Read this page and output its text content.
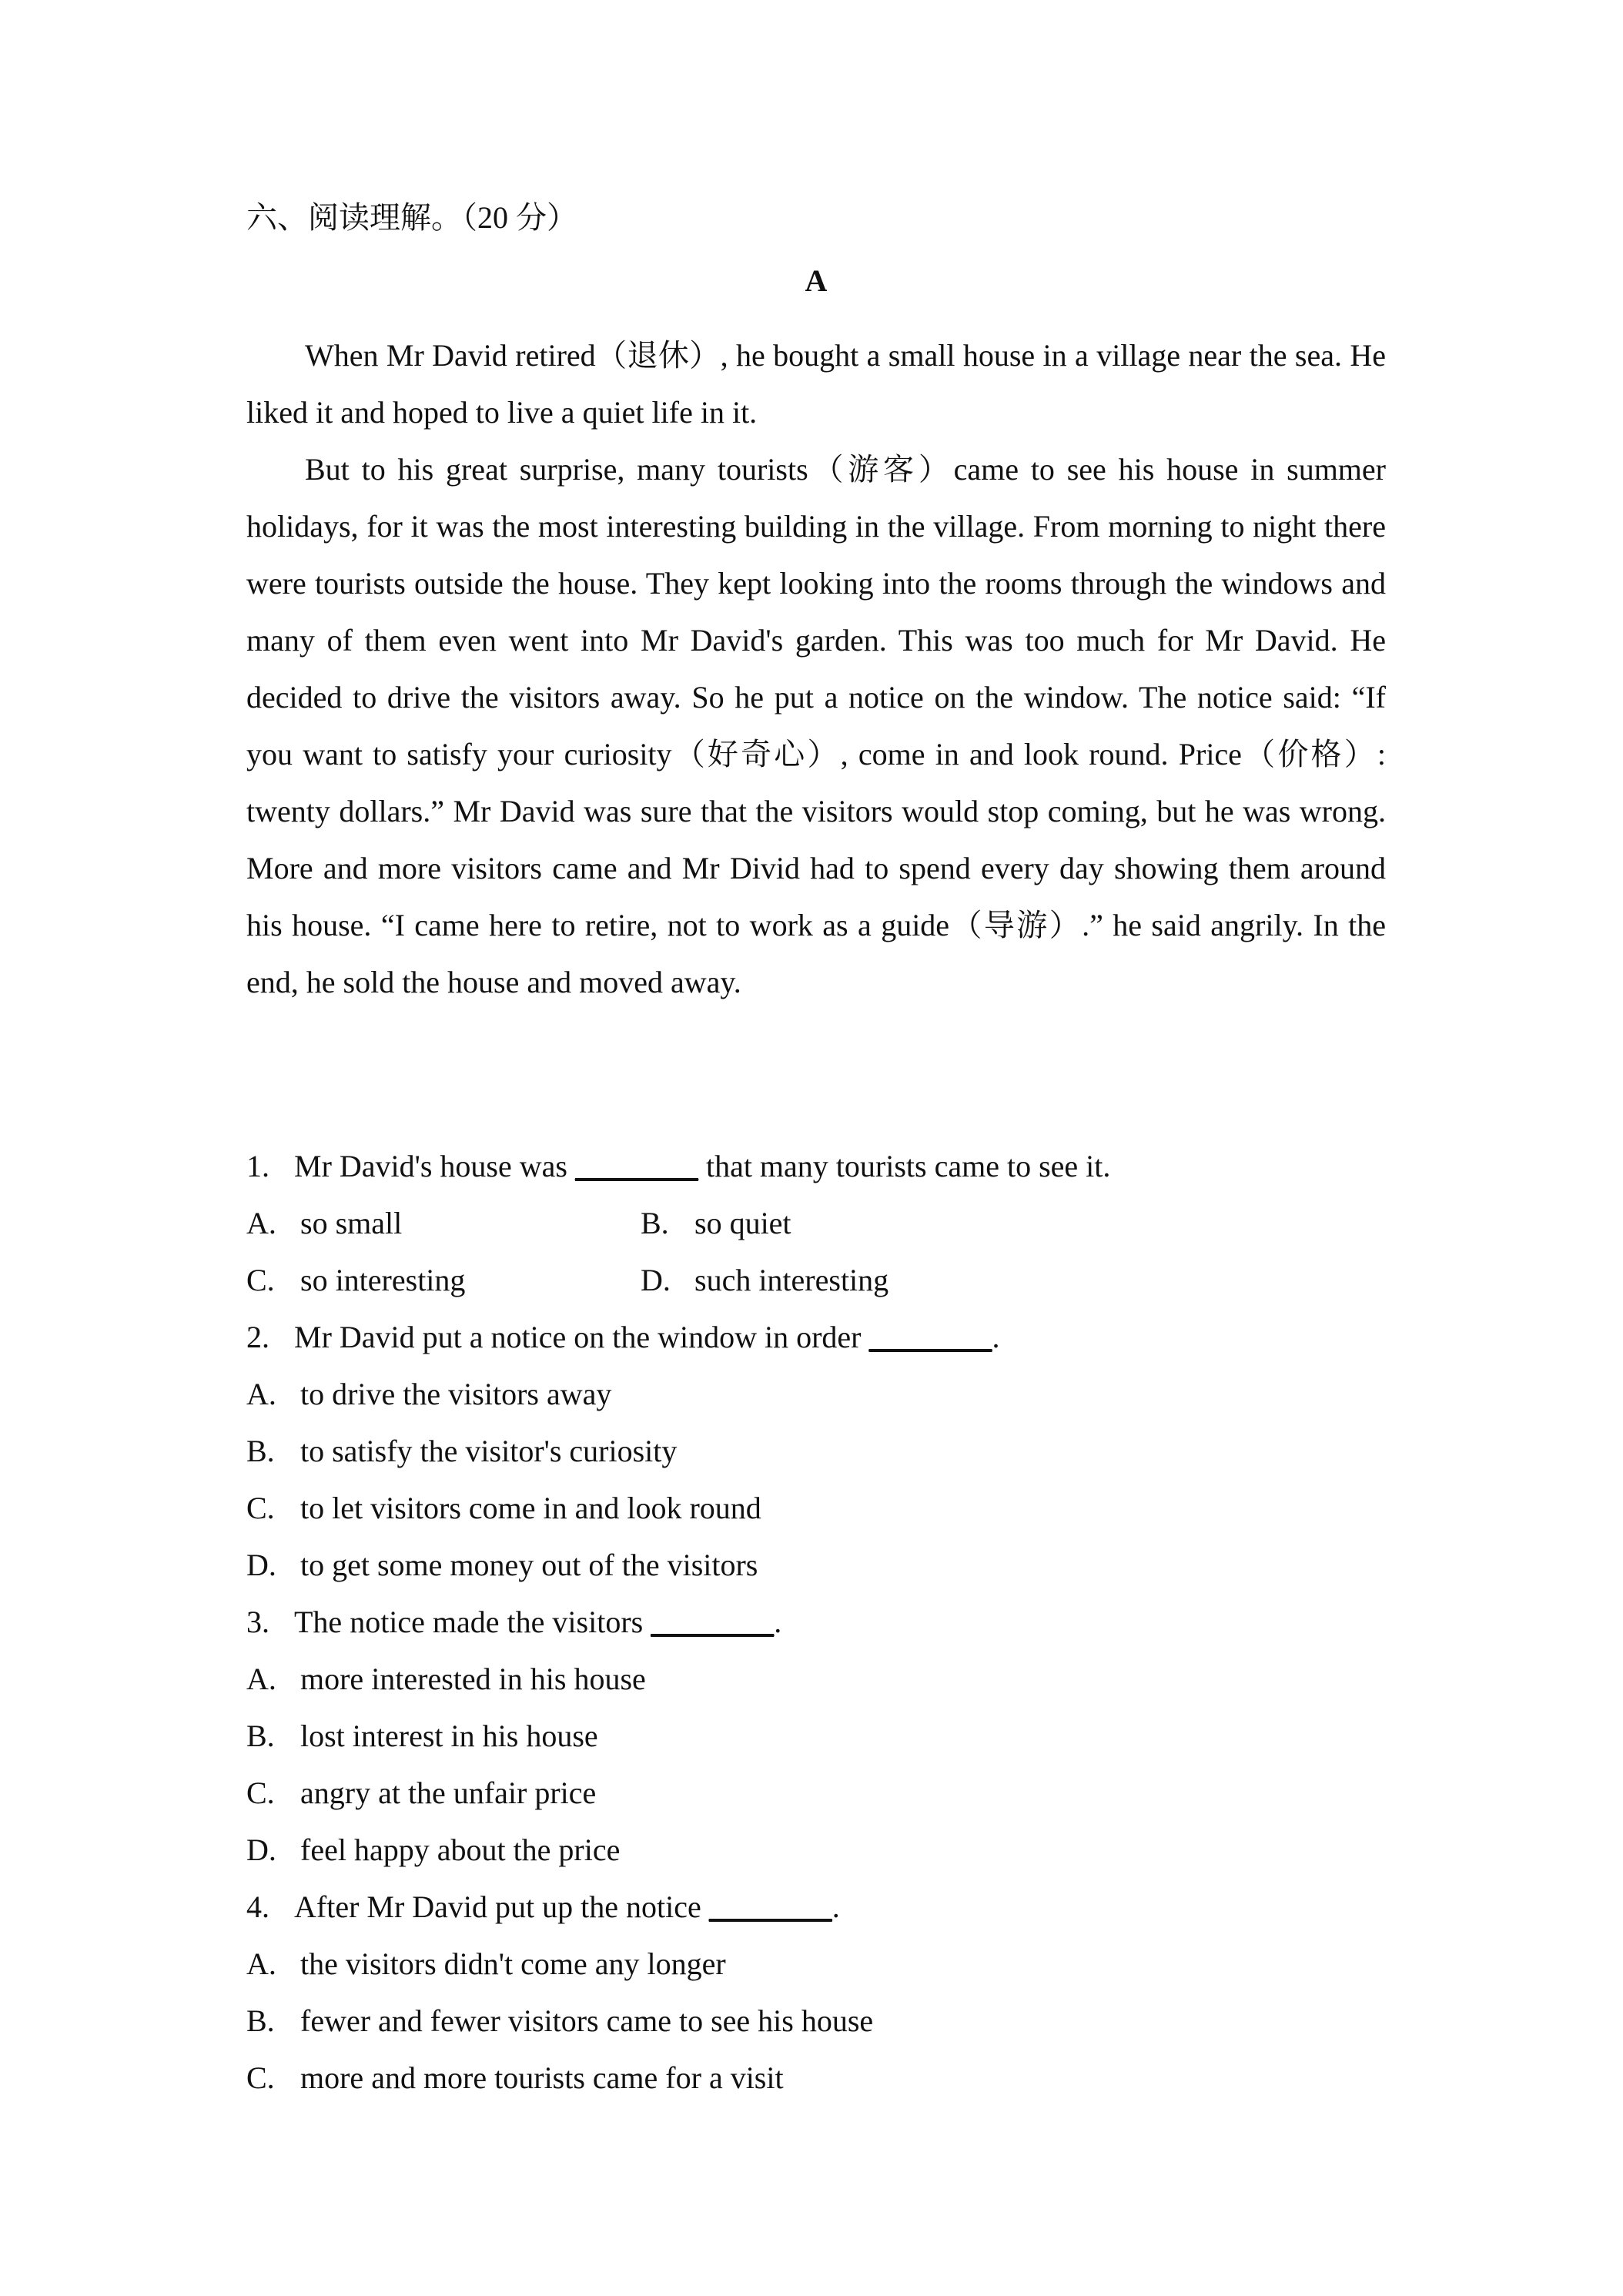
六、阅读理解。（20 分）
A

When Mr David retired（退休）, he bought a small house in a village near the sea. He liked it and hoped to live a quiet life in it.

But to his great surprise, many tourists（游客）came to see his house in summer holidays, for it was the most interesting building in the village. From morning to night there were tourists outside the house. They kept looking into the rooms through the windows and many of them even went into Mr David's garden. This was too much for Mr David. He decided to drive the visitors away. So he put a notice on the window. The notice said: “If you want to satisfy your curiosity（好奇心）, come in and look round. Price（价格）: twenty dollars.” Mr David was sure that the visitors would stop coming, but he was wrong. More and more visitors came and Mr Divid had to spend every day showing them around his house. “I came here to retire, not to work as a guide（导游）.” he said angrily. In the end, he sold the house and moved away.

1. Mr David's house was ________ that many tourists came to see it.
A. so small	B. so quiet
C. so interesting	D. such interesting
2. Mr David put a notice on the window in order ________.
A. to drive the visitors away
B. to satisfy the visitor's curiosity
C. to let visitors come in and look round
D. to get some money out of the visitors
3. The notice made the visitors ________.
A. more interested in his house
B. lost interest in his house
C. angry at the unfair price
D. feel happy about the price
4. After Mr David put up the notice ________.
A. the visitors didn't come any longer
B. fewer and fewer visitors came to see his house
C. more and more tourists came for a visit
